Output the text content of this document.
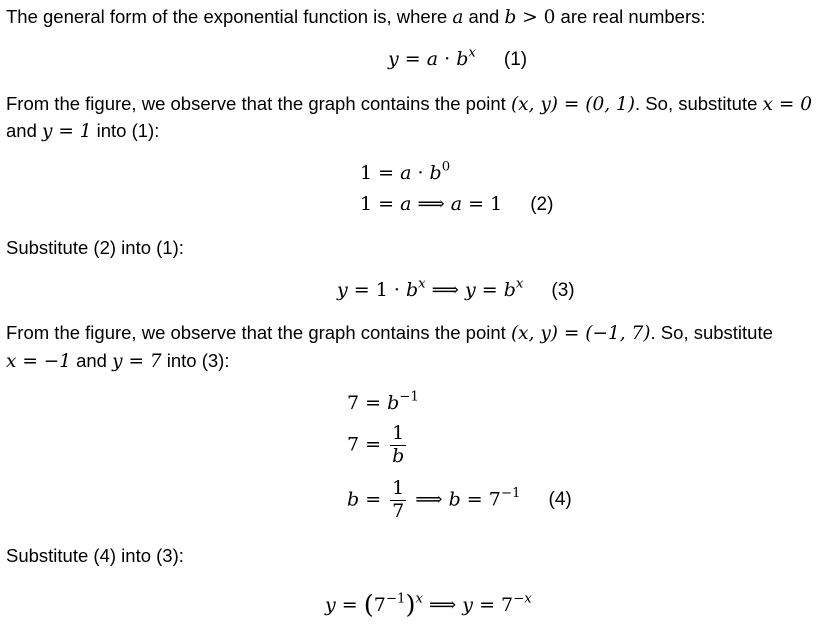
The general form of the exponential function is, where a and b > 0 are real numbers:
$y = a \cdot b^x$ (1)
From the figure, we observe that the graph contains the point (x, y) = (0, 1). So, substitute x = 0
and y = 1 into (1):
$1 = a \cdot b^0$
1 = a ⟹ a = 1 (2)
Substitute (2) into (1):
$y = 1 \cdot b^x$ ⟹ $y = b^x$ (3)
From the figure, we observe that the graph contains the point (x, y) = (−1, 7). So, substitute
x = −1 and y = 7 into (3):
$7 = b^{-1}$
$7 = \frac{1}{b}$
$b = \frac{1}{7}$ ⟹ $b = 7^{-1}$ (4)
Substitute (4) into (3):
$y = (7^{-1})^x$ ⟹ $y = 7^{-x}$
